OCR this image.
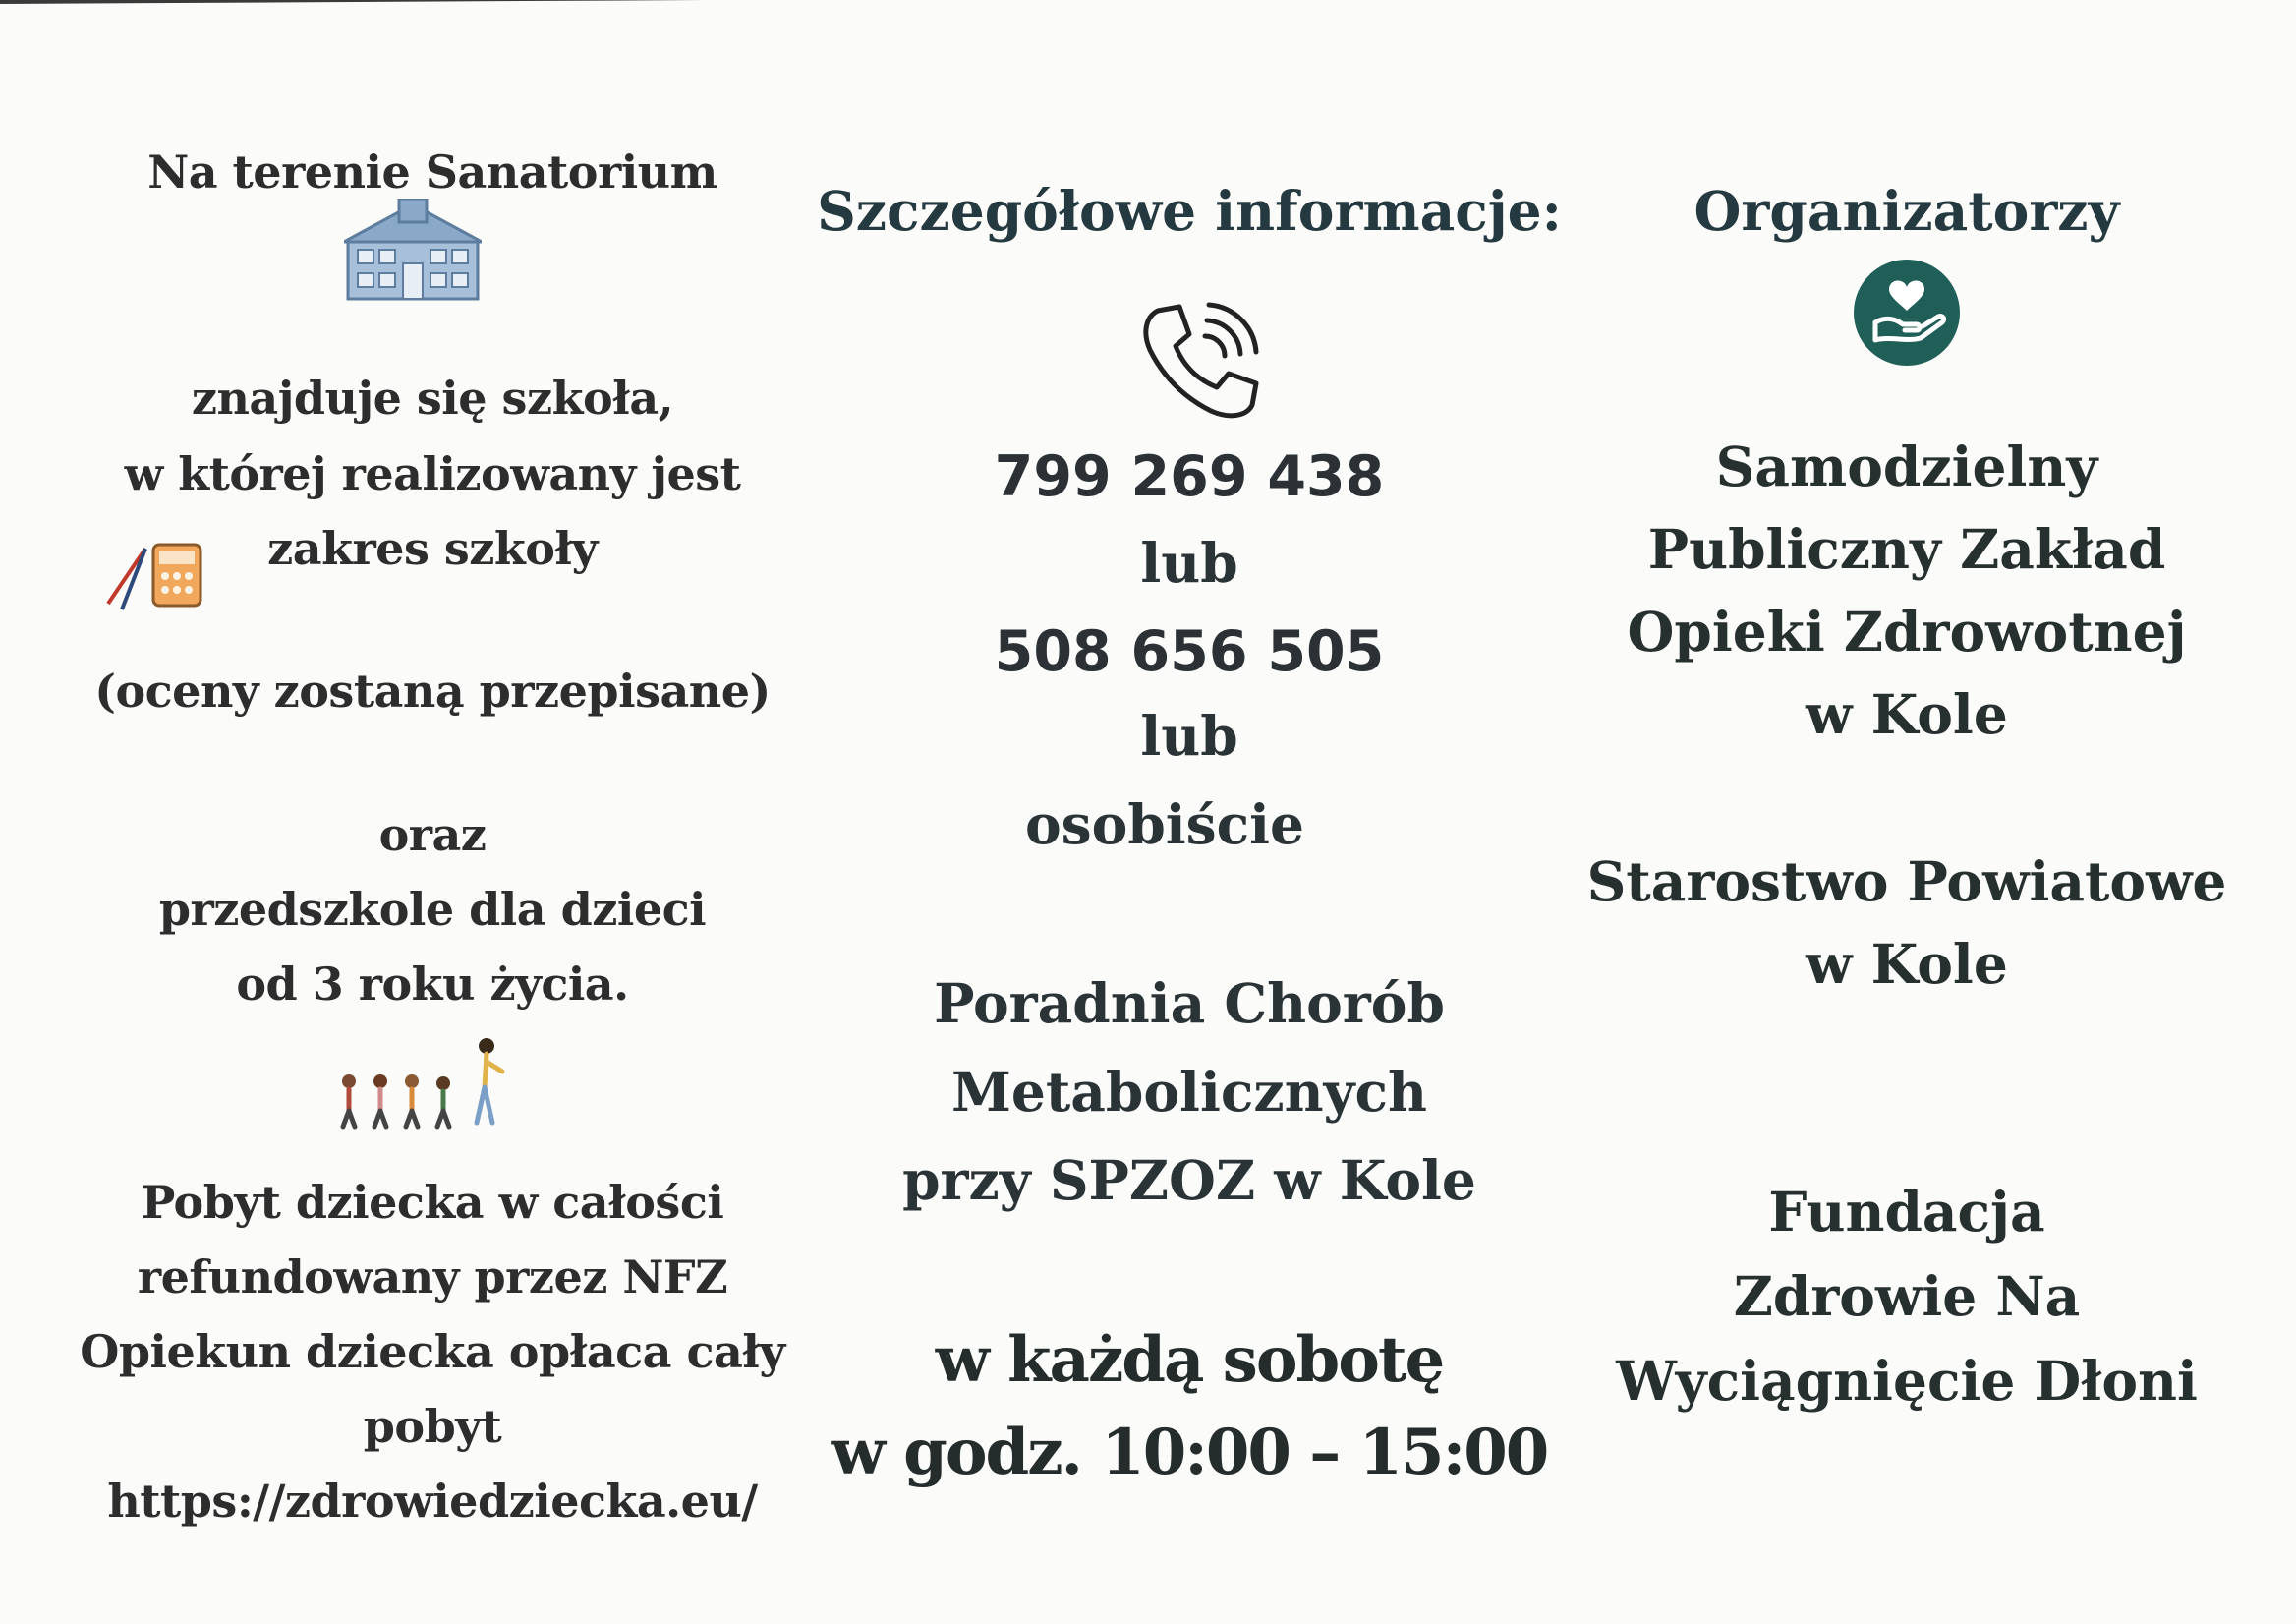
Na terenie Sanatorium

znajduje się szkoła,

w której realizowany jest

zakres szkoły

(oceny zostaną przepisane)

oraz

przedszkole dla dzieci

od 3 roku życia.

Pobyt dziecka w całości

refundowany przez NFZ

Opiekun dziecka opłaca cały

pobyt

https://zdrowiedziecka.eu/

Szczegółowe informacje:

799 269 438

lub

508 656 505

lub

osobiście

Poradnia Chorób

Metabolicznych

przy SPZOZ w Kole

w każdą sobotę

w godz. 10:00 – 15:00

Organizatorzy

Samodzielny

Publiczny Zakład

Opieki Zdrowotnej

w Kole

Starostwo Powiatowe

w Kole

Fundacja

Zdrowie Na

Wyciągnięcie Dłoni
